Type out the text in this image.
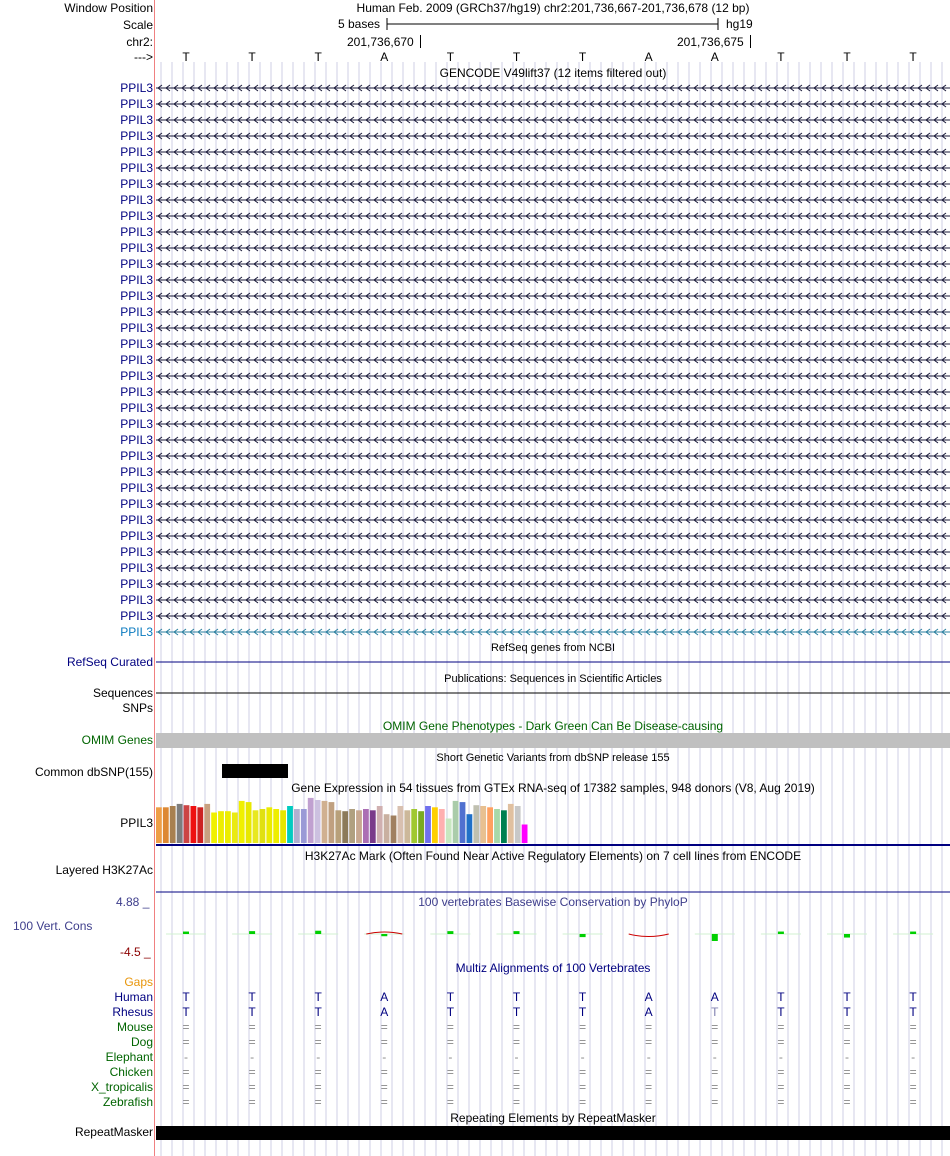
Window Position	Human Feb. 2009 (GRCh37/hg19) chr2:201,736,667-201,736,678 (12 bp)
Scale	5 bases	hg19
chr2:	201,736,670	201,736,675
---> T	T	T	A	T	T	T	A	A	T	T	T
GENCODE V49lift37 (12 items filtered out)
PPIL3
PPIL3
PPIL3
PPIL3
PPIL3
PPIL3
PPIL3
PPIL3
PPIL3
PPIL3
PPIL3
PPIL3
PPIL3
PPIL3
PPIL3
PPIL3
PPIL3
PPIL3
PPIL3
PPIL3
PPIL3
PPIL3
PPIL3
PPIL3
PPIL3
PPIL3
PPIL3
PPIL3
PPIL3
PPIL3
PPIL3
PPIL3
PPIL3
PPIL3
PPIL3
RefSeq genes from NCBI
RefSeq Curated
Publications: Sequences in Scientific Articles
Sequences
SNPs
OMIM Gene Phenotypes - Dark Green Can Be Disease-causing
OMIM Genes
Short Genetic Variants from dbSNP release 155
Common dbSNP(155)
Gene Expression in 54 tissues from GTEx RNA-seq of 17382 samples, 948 donors (V8, Aug 2019)
PPIL3
H3K27Ac Mark (Often Found Near Active Regulatory Elements) on 7 cell lines from ENCODE
Layered H3K27Ac
100 vertebrates Basewise Conservation by PhyloP
4.88 _
100 Vert. Cons
-4.5 _
Multiz Alignments of 100 Vertebrates
Gaps
Human T	T	T	A	T	T	T	A	A	T	T	T
Rhesus T	T	T	A	T	T	T	A	T	T	T	T
Mouse =	=	=	=	=	=	=	=	=	=	=	=
Dog =	=	=	=	=	=	=	=	=	=	=	=
Elephant	-	-	-	-	-	-	-	-	-	-	-	-
Chicken =	=	=	=	=	=	=	=	=	=	=	=
X_tropicalis =	=	=	=	=	=	=	=	=	=	=	=
Zebrafish =	=	=	=	=	=	=	=	=	=	=	=
Repeating Elements by RepeatMasker
RepeatMasker
